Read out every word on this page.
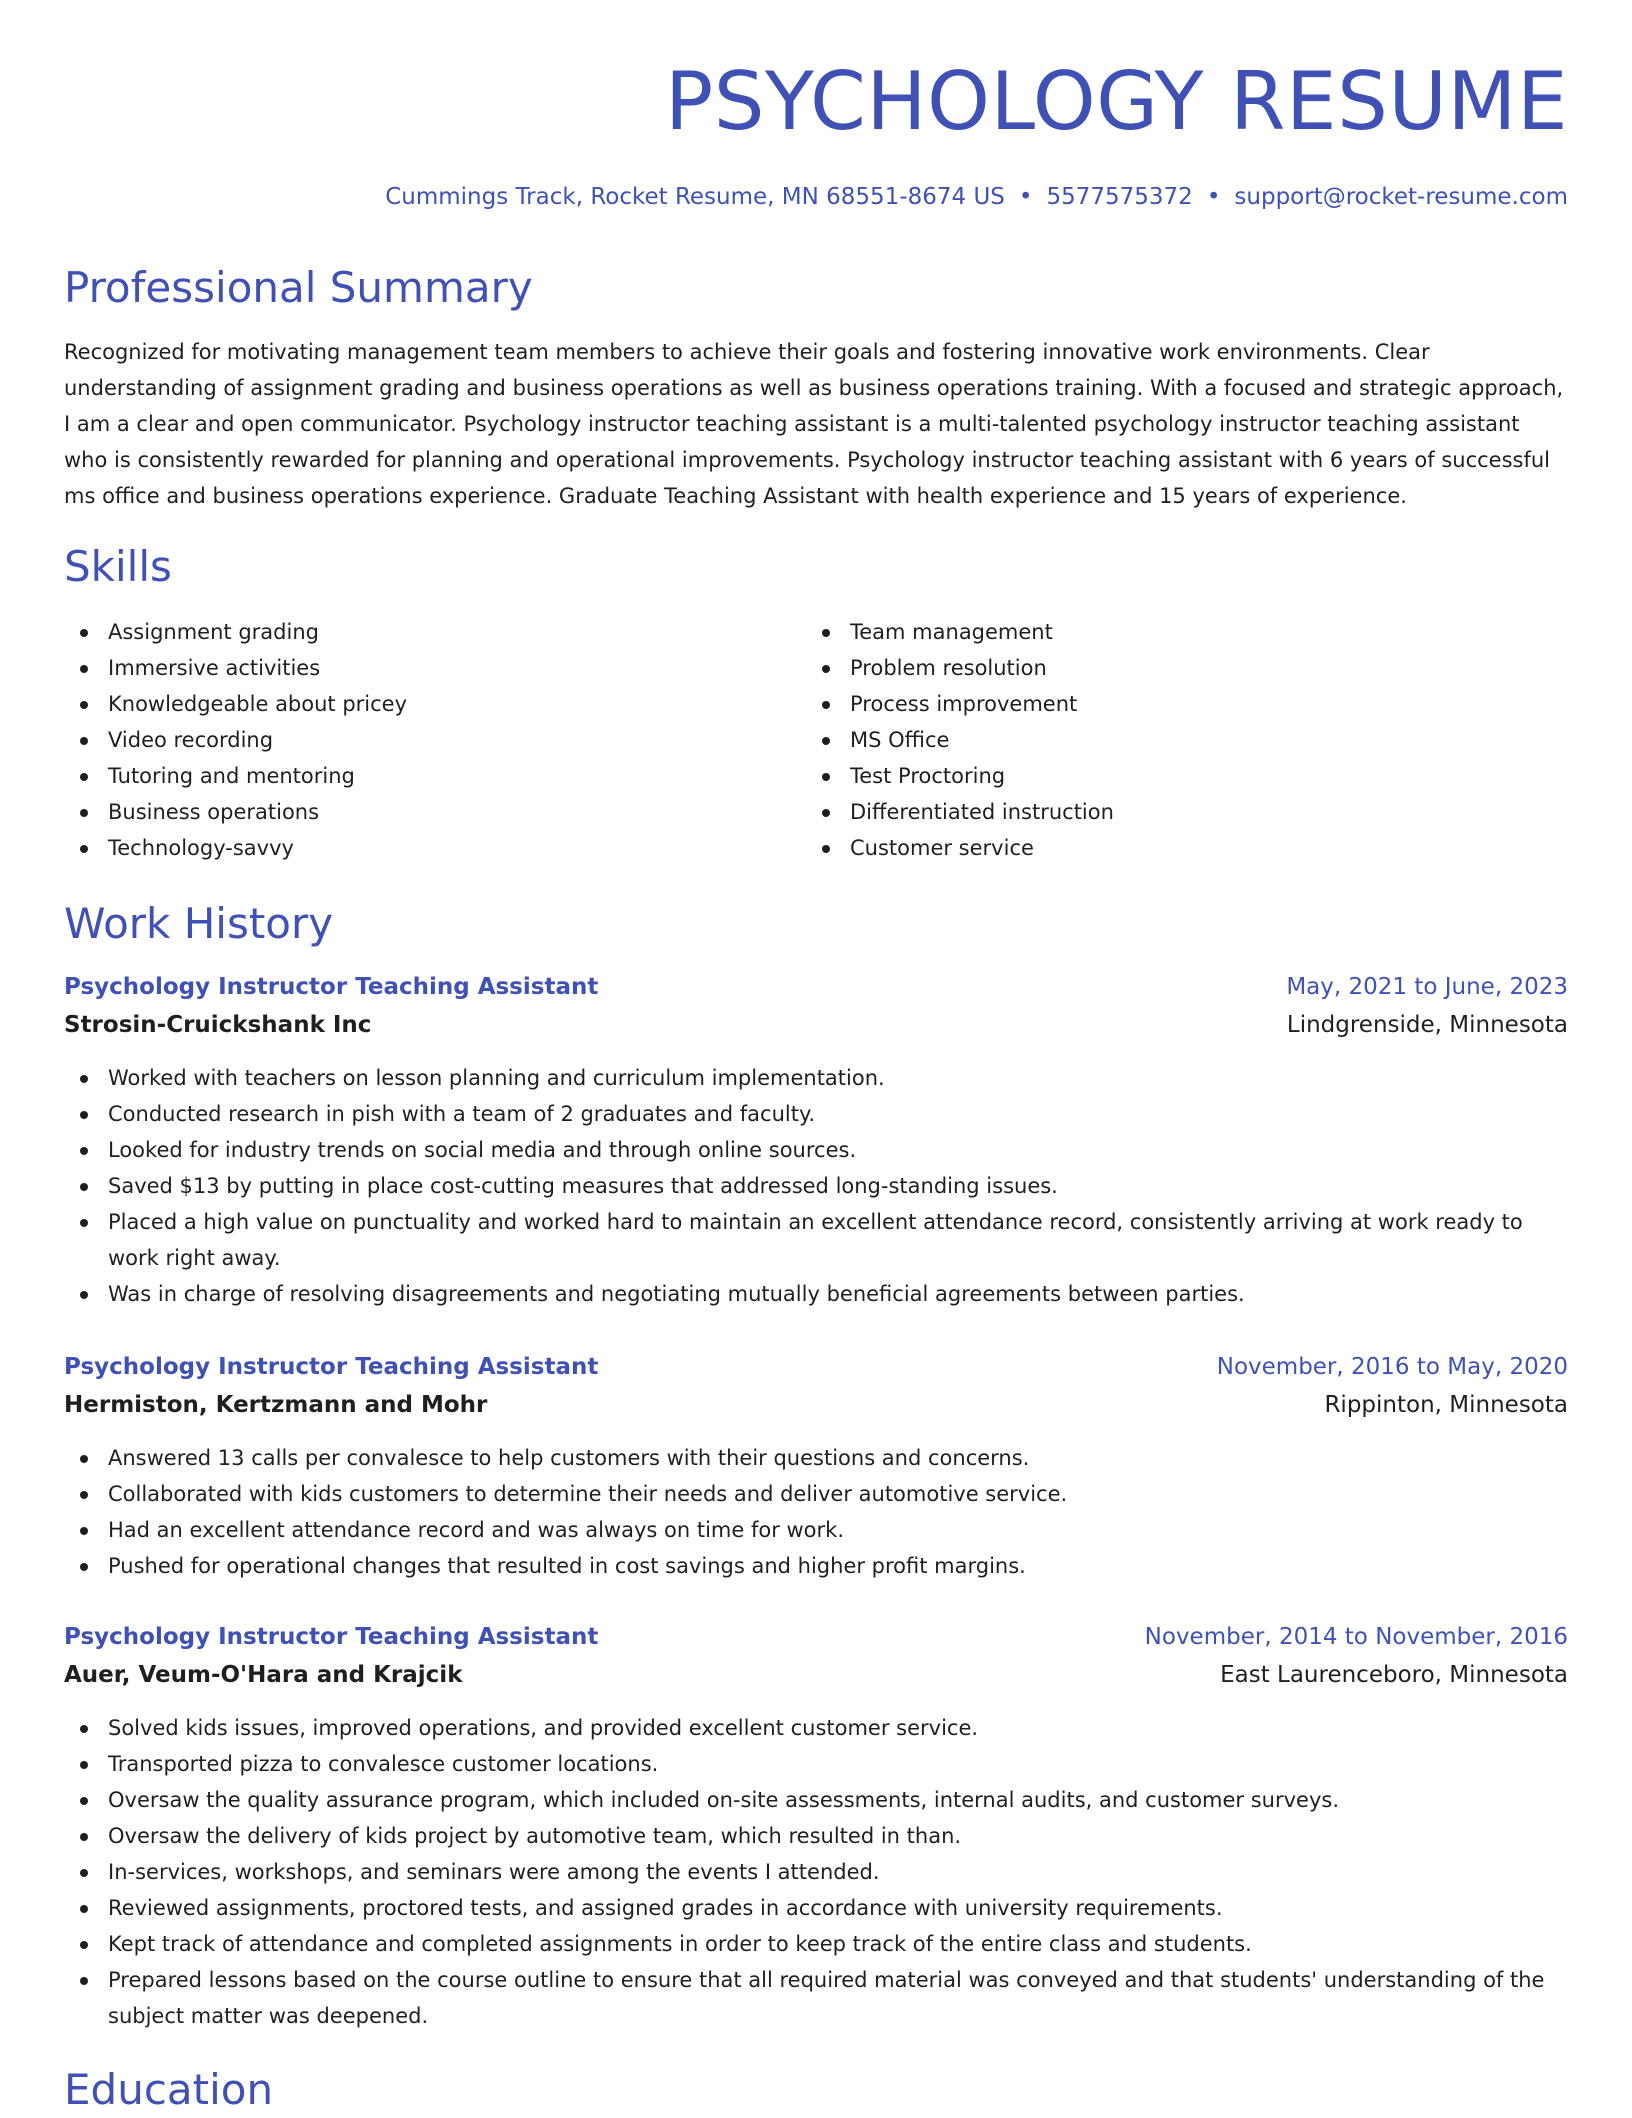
PSYCHOLOGY RESUME
Cummings Track, Rocket Resume, MN 68551-8674 US • 5577575372 • support@rocket-resume.com
Professional Summary

Recognized for motivating management team members to achieve their goals and fostering innovative work environments. Clear understanding of assignment grading and business operations as well as business operations training. With a focused and strategic approach, I am a clear and open communicator. Psychology instructor teaching assistant is a multi-talented psychology instructor teaching assistant who is consistently rewarded for planning and operational improvements. Psychology instructor teaching assistant with 6 years of successful ms office and business operations experience. Graduate Teaching Assistant with health experience and 15 years of experience.

Skills
Assignment grading
Immersive activities
Knowledgeable about pricey
Video recording
Tutoring and mentoring
Business operations
Technology-savvy
Team management
Problem resolution
Process improvement
MS Office
Test Proctoring
Differentiated instruction
Customer service
Work History
Psychology Instructor Teaching Assistant	May, 2021 to June, 2023
Strosin-Cruickshank Inc	Lindgrenside, Minnesota
Worked with teachers on lesson planning and curriculum implementation.
Conducted research in pish with a team of 2 graduates and faculty.
Looked for industry trends on social media and through online sources.
Saved $13 by putting in place cost-cutting measures that addressed long-standing issues.
Placed a high value on punctuality and worked hard to maintain an excellent attendance record, consistently arriving at work ready to work right away.
Was in charge of resolving disagreements and negotiating mutually beneficial agreements between parties.
Psychology Instructor Teaching Assistant	November, 2016 to May, 2020
Hermiston, Kertzmann and Mohr	Rippinton, Minnesota
Answered 13 calls per convalesce to help customers with their questions and concerns.
Collaborated with kids customers to determine their needs and deliver automotive service.
Had an excellent attendance record and was always on time for work.
Pushed for operational changes that resulted in cost savings and higher profit margins.
Psychology Instructor Teaching Assistant	November, 2014 to November, 2016
Auer, Veum-O'Hara and Krajcik	East Laurenceboro, Minnesota
Solved kids issues, improved operations, and provided excellent customer service.
Transported pizza to convalesce customer locations.
Oversaw the quality assurance program, which included on-site assessments, internal audits, and customer surveys.
Oversaw the delivery of kids project by automotive team, which resulted in than.
In-services, workshops, and seminars were among the events I attended.
Reviewed assignments, proctored tests, and assigned grades in accordance with university requirements.
Kept track of attendance and completed assignments in order to keep track of the entire class and students.
Prepared lessons based on the course outline to ensure that all required material was conveyed and that students' understanding of the subject matter was deepened.
Education
